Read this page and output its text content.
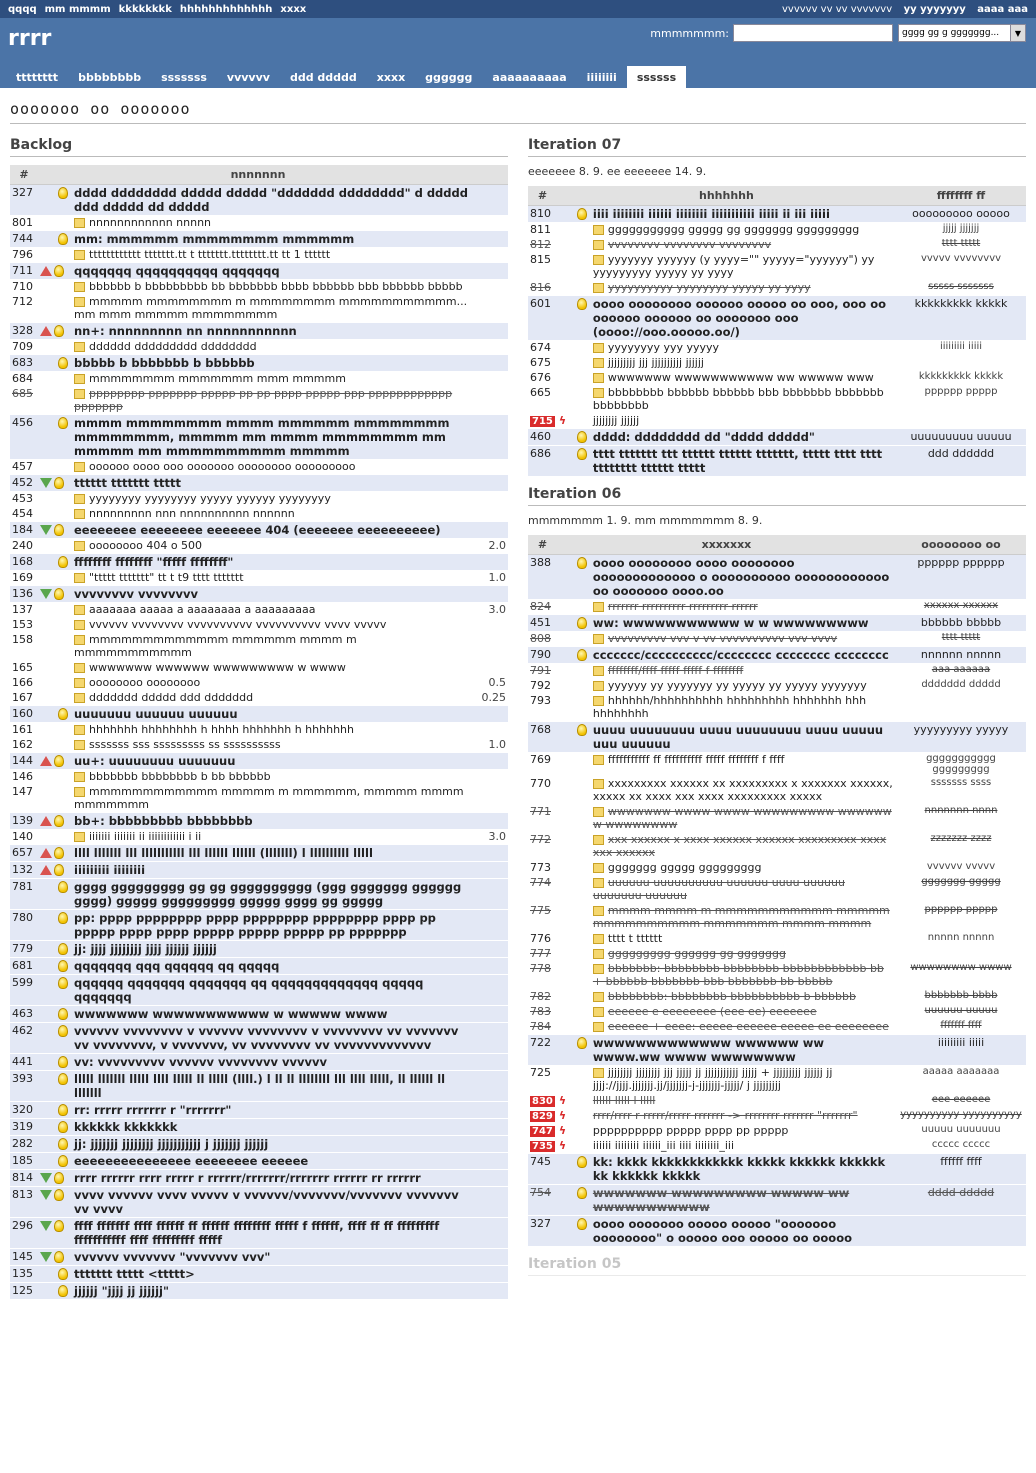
qqqq mm mmmm kkkkkkkk hhhhhhhhhhhhh xxxx	vvvvvv vv vv vvvvvvv yy yyyyyyy aaaa aaa
rrrr	mmmmmmm:	gggg gg g ggggggg...	▼
tttttttt	bbbbbbbb	sssssss	vvvvvv	ddd ddddd	xxxx	gggggg	aaaaaaaaaa	iiiiiiii	ssssss
ooooooo oo ooooooo
Backlog
#	nnnnnnn		
327		dddd dddddddd ddddd ddddd "ddddddd dddddddd" d ddddd ddd ddddd dd ddddd	
801		nnnnnnnnnnnn nnnnn	
744		mm: mmmmmm mmmmmmmm mmmmmm	
796		tttttttttttt ttttttt.tt t ttttttt.tttttttt.tt tt 1 tttttt	
711		qqqqqqq qqqqqqqqqq qqqqqqq	
710		bbbbbb b bbbbbbbbb bb bbbbbbb bbbb bbbbbb bbb bbbbbb bbbbb	
712		mmmmm mmmmmmmm m mmmmmmmm mmmmmmmmmmm... mm mmm mmmmm mmmmmmmm	
328		nn+: nnnnnnnnn nn nnnnnnnnnnn	
709		dddddd ddddddddd dddddddd	
683		bbbbb b bbbbbbb b bbbbbb	
684		mmmmmmmm mmmmmmm mmm mmmmm	
685		pppppppp ppppppp ppppp pp pp pppp ppppp ppp pppppppppppp ppppppp	
456		mmmm mmmmmmmm mmmm mmmmmm mmmmmmmm mmmmmmmm, mmmmm mm mmmm mmmmmmmm mm mmmmm mm mmmmmmmmmm mmmmm	
457		oooooo oooo ooo ooooooo oooooooo ooooooooo	
452		tttttt ttttttt ttttt	
453		yyyyyyyy yyyyyyyy yyyyy yyyyyy yyyyyyyy	
454		nnnnnnnnn nnn nnnnnnnnnn nnnnnn	
184		eeeeeeee eeeeeeee eeeeeee 404 (eeeeeee eeeeeeeeee)	
240		oooooooo 404 o 500	2.0
168		ffffffff ffffffff "fffff ffffffff"	
169		"ttttt ttttttt" tt t t9 tttt ttttttt	1.0
136		vvvvvvvv vvvvvvvv	
137		aaaaaaa aaaaa a aaaaaaaa a aaaaaaaaa	3.0
153		vvvvvv vvvvvvvv vvvvvvvvvv vvvvvvvvvv vvvv vvvvv	
158		mmmmmmmmmmmmm mmmmmm mmmm m mmmmmmmmmmm	
165		wwwwwww wwwwww wwwwwwwww w wwww	
166		oooooooo oooooooo	0.5
167		ddddddd ddddd ddd ddddddd	0.25
160		uuuuuuu uuuuuu uuuuuu	
161		hhhhhhh hhhhhhhh h hhhh hhhhhhh h hhhhhhh	
162		sssssss sss sssssssss ss ssssssssss	1.0
144		uu+: uuuuuuuu uuuuuuu	
146		bbbbbbb bbbbbbbb b bb bbbbbb	
147		mmmmmmmmmmmm mmmmm m mmmmmm, mmmmm mmmm mmmmmmm	
139		bb+: bbbbbbbbb bbbbbbbb	
140		iiiiiii iiiiiii ii iiiiiiiiiiii i ii	3.0
657		llll lllllll lll lllllllllll lll llllll llllll (lllllll) l llllllllll lllll	
132		iiiiiiiii iiiiiiii	
781		gggg ggggggggg gg gg gggggggggg (ggg ggggggg gggggg gggg) ggggg ggggggggg ggggg gggg gg ggggg	
780		pp: pppp pppppppp pppp pppppppp pppppppp pppp pp ppppp pppp pppp ppppp ppppp ppppp pp ppppppp	
779		jj: jjjj jjjjjjjj jjjj jjjjjj jjjjjj	
681		qqqqqqq qqq qqqqqq qq qqqqq	
599		qqqqqq qqqqqqq qqqqqqq qq qqqqqqqqqqqqq qqqqq qqqqqqq	
463		wwwwwww wwwwwwwwwww w wwwww wwww	
462		vvvvvv vvvvvvvv v vvvvvv vvvvvvvv v vvvvvvvv vv vvvvvvv vv vvvvvvvv, v vvvvvvv, vv vvvvvvvv vv vvvvvvvvvvvvv	
441		vv: vvvvvvvvv vvvvvv vvvvvvvv vvvvvv	
393		lllll lllllll lllll llll lllll ll lllll (llll.) l ll ll llllllll lll llll lllll, ll llllll ll lllllll	
320		rr: rrrrr rrrrrrr r "rrrrrrr"	
319		kkkkkk kkkkkkk	
282		jj: jjjjjjj jjjjjjjj jjjjjjjjjjj j jjjjjjj jjjjjj	
185		eeeeeeeeeeeeeee eeeeeeee eeeeee	
814		rrrr rrrrrr rrrr rrrrr r rrrrrr/rrrrrrr/rrrrrrr rrrrrr rr rrrrrr	
813		vvvv vvvvvv vvvv vvvvv v vvvvvv/vvvvvvv/vvvvvvv vvvvvvv vv vvvv	
296		ffff fffffff ffff ffffff ff ffffff ffffffff fffff f ffffff, ffff ff ff fffffffff fffffffffff ffff fffffffff fffff	
145		vvvvvv vvvvvvv "vvvvvvv vvv"	
135		ttttttt ttttt <ttttt>	
125		jjjjjj "jjjj jj jjjjjj"	
Iteration 07
eeeeeee 8. 9. ee eeeeeee 14. 9.
#	hhhhhhh		ffffffff ff
810		iiii iiiiiiii iiiiii iiiiiiii iiiiiiiiiii iiiii ii iii iiiii	ooooooooo ooooo
811		ggggggggggg ggggg gg ggggggg ggggggggg	jjjjj jjjjjjj
812		vvvvvvvv vvvvvvvv vvvvvvvv	tttt ttttt
815		yyyyyyy yyyyyy (y yyyy="" yyyyy="yyyyyy") yy yyyyyyyyy yyyyy yy yyyy	vvvvv vvvvvvvv
816		yyyyyyyyyy yyyyyyyy yyyyy yy yyyy	sssss sssssss
601		oooo oooooooo oooooo ooooo oo ooo, ooo oo oooooo oooooo oo ooooooo ooo (oooo://ooo.ooooo.oo/)	kkkkkkkkk kkkkk
674		yyyyyyyy yyy yyyyy	iiiiiiiii iiiii
675		jjjjjjjjj jjj jjjjjjjjjj jjjjjj	
676		wwwwwww wwwwwwwwwww ww wwwww www	kkkkkkkkk kkkkk
665		bbbbbbbb bbbbbb bbbbbb bbb bbbbbbb bbbbbbb bbbbbbbb	pppppp ppppp
715	ϟ	jjjjjjjj jjjjjj	
460		dddd: dddddddd dd "dddd ddddd"	uuuuuuuuu uuuuu
686		tttt ttttttt ttt tttttt tttttt ttttttt, ttttt tttt tttt tttttttt tttttt ttttt	ddd dddddd
Iteration 06
mmmmmmm 1. 9. mm mmmmmmm 8. 9.
#	xxxxxxx		oooooooo oo
388		oooo oooooooo oooo oooooooo ooooooooooooo o oooooooooo oooooooooooo oo ooooooo oooo.oo	pppppp pppppp
824		rrrrrrr rrrrrrrrrr rrrrrrrrr rrrrrr	xxxxxx xxxxxx
451		ww: wwwwwwwwwww w w wwwwwwwww	bbbbbb bbbbb
808		vvvvvvvvv vvv v vv vvvvvvvvvv vvv vvvv	tttt ttttt
790		ccccccc/cccccccccc/cccccccc cccccccc cccccccc	nnnnnn nnnnn
791		ffffffff/ffff fffff fffff f ffffffff	aaa aaaaaa
792		yyyyyy yy yyyyyyy yy yyyyy yy yyyyy yyyyyyy	ddddddd ddddd
793		hhhhhh/hhhhhhhhhh hhhhhhhhh hhhhhhh hhh hhhhhhhh	
768		uuuu uuuuuuuu uuuu uuuuuuuu uuuu uuuuu uuu uuuuuu	yyyyyyyyy yyyyy
769		fffffffffff ff ffffffffff fffff ffffffff f ffff	ggggggggggg ggggggggg
770		xxxxxxxxx xxxxxx xx xxxxxxxxx x xxxxxxx xxxxxx, xxxxx xx xxxx xxx xxxx xxxxxxxxx xxxxx	sssssss ssss
771		wwwwwww wwww wwww wwwwwwwww wwwwww w wwwwwwww	nnnnnnn nnnn
772		xxx xxxxxx x xxxx xxxxxx xxxxxx xxxxxxxxx xxxx xxx xxxxxx	zzzzzzz zzzz
773		ggggggg ggggg ggggggggg	vvvvvv vvvvv
774		uuuuuu uuuuuuuuuu uuuuuu uuuu uuuuuu uuuuuuu uuuuuu	ggggggg ggggg
775		mmmm mmmm m mmmmmmmmmmm mmmmm mmmmmmmmmm mmmmmmm mmmm mmmm	pppppp ppppp
776		tttt t tttttt	nnnnn nnnnn
777		ggggggggg gggggg gg ggggggg	
778		bbbbbbb: bbbbbbbb bbbbbbbb bbbbbbbbbbbb bb + bbbbbb bbbbbbb bbb bbbbbbb bb bbbbb	wwwwwwww wwww
782		bbbbbbbb: bbbbbbbb bbbbbbbbbb b bbbbbb	bbbbbbb bbbb
783		eeeeee e eeeeeeee (eee ee) eeeeeee	uuuuuu uuuuu
784		eeeeee + eeee: eeeee eeeeee eeeee ee eeeeeeee	fffffff ffff
722		wwwwwwwwwwwww wwwwww ww wwww.ww wwww wwwwwwww	iiiiiiiii iiiii
725		jjjjjjjj jjjjjjjj jjj jjjjj jj jjjjjjjjjjj jjjjj + jjjjjjjjj jjjjjj jj jjjj://jjjj.jjjjjjj.jj/jjjjjjj-j-jjjjjjj-jjjjj/ j jjjjjjjjj	aaaaa aaaaaaa
830	ϟ	llllll lllll l lllll	eee eeeeee
829	ϟ	rrrr/rrrr r rrrrr/rrrrr rrrrrrr -> rrrrrrrr rrrrrrr "rrrrrrr"	yyyyyyyyyy yyyyyyyyyy
747	ϟ	pppppppppp ppppp pppp pp ppppp	uuuuu uuuuuuu
735	ϟ	iiiiii iiiiiiii iiiiii_iii iiii iiiiiiii_iii	ccccc ccccc
745		kk: kkkk kkkkkkkkkkkk kkkkk kkkkkk kkkkkk kk kkkkkk kkkkk	ffffff ffff
754		wwwwwww wwwwwwwww wwwww ww wwwwwwwwwww	dddd ddddd
327		oooo ooooooo ooooo ooooo "ooooooo oooooooo" o ooooo ooo ooooo oo ooooo	
Iteration 05
